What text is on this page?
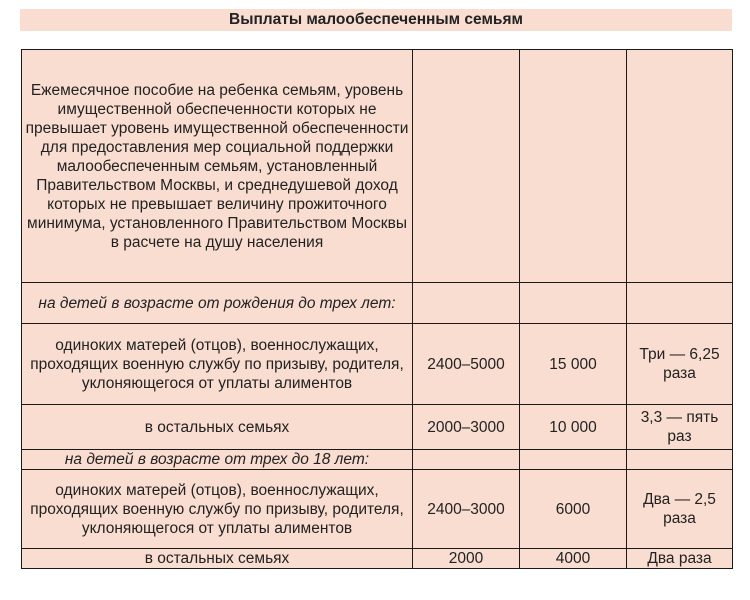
Выплаты малообеспеченным семьям
Ежемесячное пособие на ребенка семьям, уровень имущественной обеспеченности которых не превышает уровень имущественной обеспеченности для предоставления мер социальной поддержки малообеспеченным семьям, установленный Правительством Москвы, и среднедушевой доход которых не превышает величину прожиточного минимума, установленного Правительством Москвы в расчете на душу населения			
на детей в возрасте от рождения до трех лет:			
одиноких матерей (отцов), военнослужащих, проходящих военную службу по призыву, родителя, уклоняющегося от уплаты алиментов	2400–5000	15 000	Три — 6,25 раза
в остальных семьях	2000–3000	10 000	3,3 — пять раз
на детей в возрасте от трех до 18 лет:			
одиноких матерей (отцов), военнослужащих, проходящих военную службу по призыву, родителя, уклоняющегося от уплаты алиментов	2400–3000	6000	Два — 2,5 раза
в остальных семьях	2000	4000	Два раза
